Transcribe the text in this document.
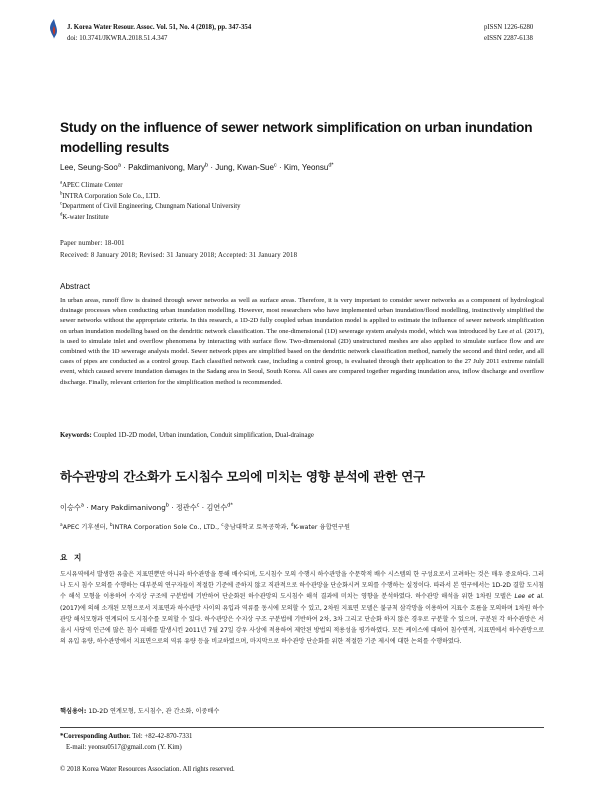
J. Korea Water Resour. Assoc. Vol. 51, No. 4 (2018), pp. 347-354
doi: 10.3741/JKWRA.2018.51.4.347
pISSN 1226-6280
eISSN 2287-6138
Study on the influence of sewer network simplification on urban inundation modelling results
Lee, Seung-Soo$^a$ · Pakdimanivong, Mary$^b$ · Jung, Kwan-Sue$^c$ · Kim, Yeonsu$^{d*}$
$^a$APEC Climate Center
$^b$INTRA Corporation Sole Co., LTD.
$^c$Department of Civil Engineering, Chungnam National University
$^d$K-water Institute
Paper number: 18-001
Received: 8 January 2018; Revised: 31 January 2018; Accepted: 31 January 2018
Abstract
In urban areas, runoff flow is drained through sewer networks as well as surface areas. Therefore, it is very important to consider sewer networks as a component of hydrological drainage processes when conducting urban inundation modelling. However, most researchers who have implemented urban inundation/flood modelling, instinctively simplified the sewer networks without the appropriate criteria. In this research, a 1D-2D fully coupled urban inundation model is applied to estimate the influence of sewer network simplification on urban inundation modelling based on the dendritic network classification. The one-dimensional (1D) sewerage system analysis model, which was introduced by Lee et al. (2017), is used to simulate inlet and overflow phenomena by interacting with surface flow. Two-dimensional (2D) unstructured meshes are also applied to simulate surface flow and are combined with the 1D sewerage analysis model. Sewer network pipes are simplified based on the dendritic network classification method, namely the second and third order, and all cases of pipes are conducted as a control group. Each classified network case, including a control group, is evaluated through their application to the 27 July 2011 extreme rainfall event, which caused severe inundation damages in the Sadang area in Seoul, South Korea. All cases are compared together regarding inundation area, inflow discharge and overflow discharge. Finally, relevant criterion for the simplification method is recommended.
Keywords: Coupled 1D-2D model, Urban inundation, Conduit simplification, Dual-drainage
하수관망의 간소화가 도시침수 모의에 미치는 영향 분석에 관한 연구
이승수$^a$ · Mary Pakdimanivong$^b$ · 정관수$^c$ · 김연수$^{d*}$
$^a$APEC 기후센터, $^b$INTRA Corporation Sole Co., LTD., $^c$충남대학교 토목공학과, $^d$K-water 융합연구원
요 지
도시유역에서 발생한 유출은 지표면뿐만 아니라 하수관망을 통해 배수되며, 도시침수 모의 수행시 하수관망을 수문학적 배수 시스템의 한 구성요로서 고려하는 것은 매우 중요하다. 그러나 도시 침수 모의를 수행하는 대부분의 연구자들이 적절한 기준에 준하지 않고 직관적으로 하수관망을 단순화시켜 모의를 수행하는 실정이다. 따라서 본 연구에서는 1D-2D 결합 도시침수 해석 모형을 이용하여 수지상 구조에 구분법에 기반하여 단순화된 하수관망의 도시침수 해석 결과에 미치는 영향을 분석하였다. 하수관망 해석을 위한 1차원 모델은 Lee et al. (2017)에 의해 소개된 모형으로서 지표면과 하수관망 사이의 유입과 역류를 동시에 모의할 수 있고, 2차원 지표면 모델은 불규칙 삼각망을 이용하여 지표수 흐름을 모의하며 1차원 하수관망 해석모형과 연계되어 도시침수를 모의할 수 있다. 하수관망은 수지상 구조 구분법에 기반하여 2차, 3차 그리고 단순화 하지 않은 경우로 구분할 수 있으며, 구분된 각 하수관망은 서울시 사당역 인근에 많은 침수 피해를 발생시킨 2011년 7월 27일 강우 사상에 적용하여 제안된 방법의 적용성을 평가하였다. 모든 케이스에 대하여 침수면적, 지표면에서 하수관망으로의 유입 유량, 하수관망에서 지표면으로의 역류 유량 등을 비교하였으며, 마지막으로 하수관망 단순화를 위한 적절한 기준 제시에 대한 논의를 수행하였다.
핵심용어: 1D-2D 연계모형, 도시침수, 관 간소화, 이중배수
*Corresponding Author. Tel: +82-42-870-7331
E-mail: yeonsu0517@gmail.com (Y. Kim)
© 2018 Korea Water Resources Association. All rights reserved.
